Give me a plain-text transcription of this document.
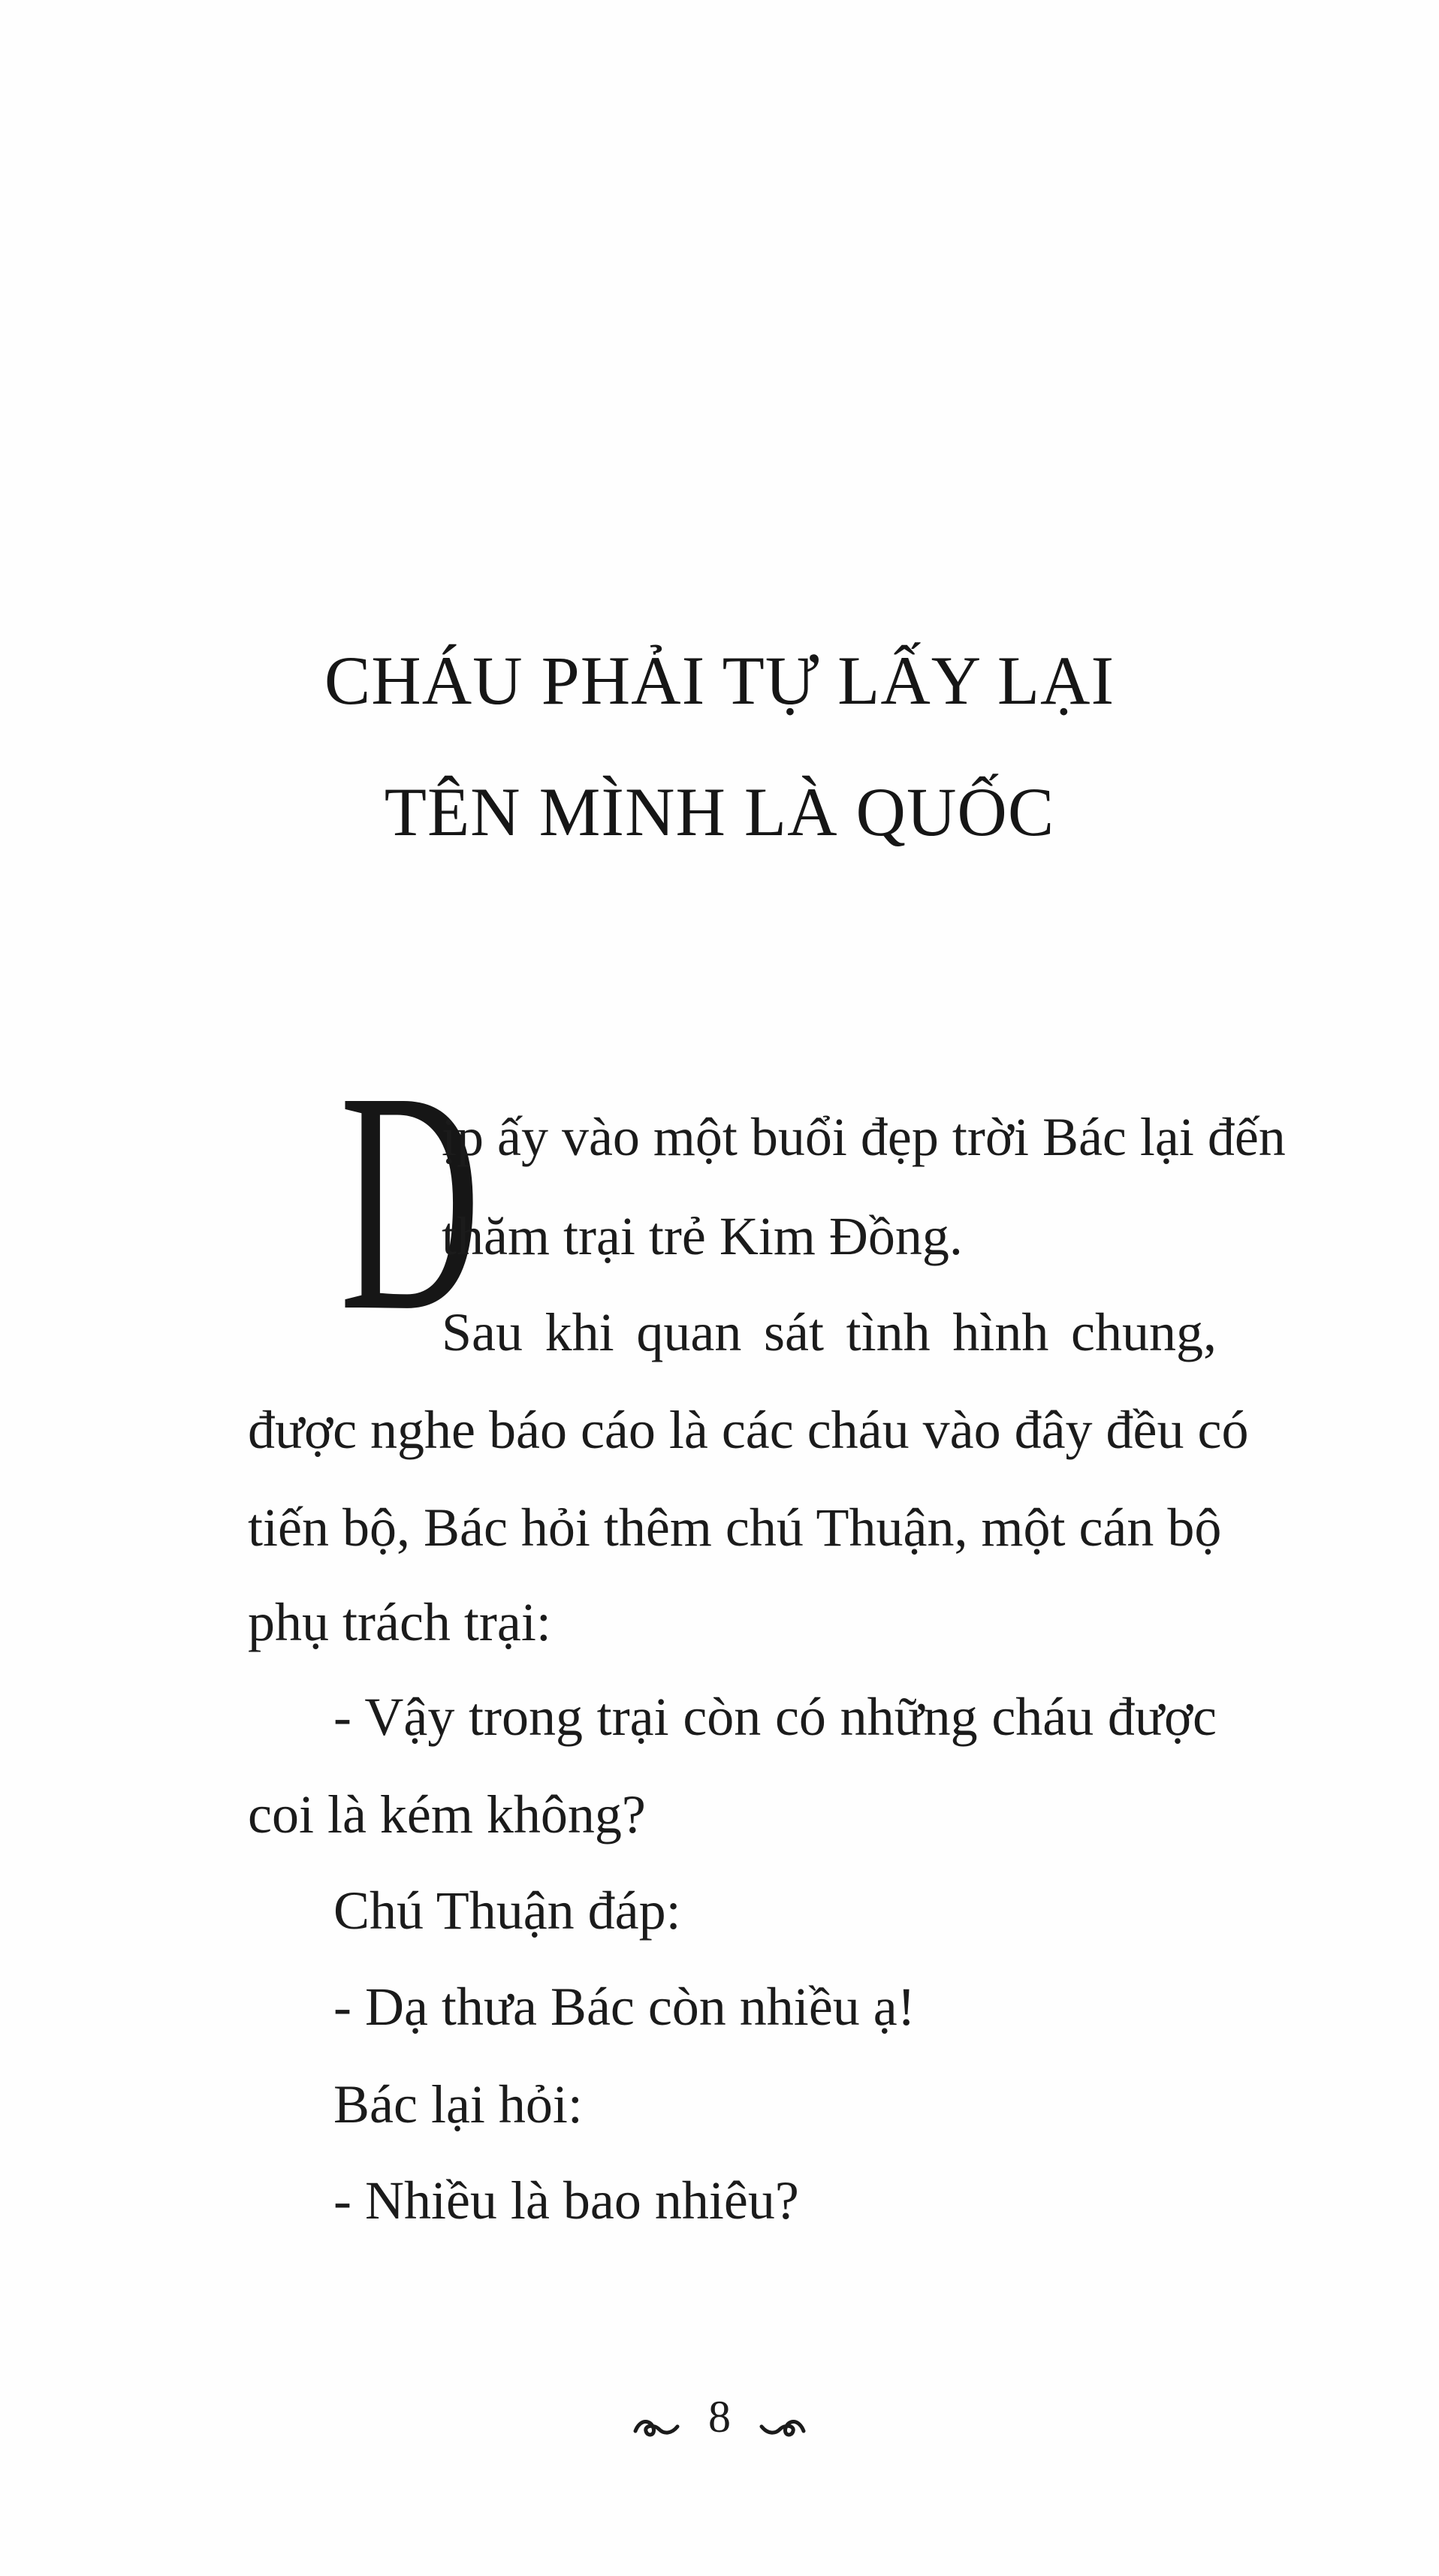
CHÁU PHẢI TỰ LẤY LẠI
TÊN MÌNH LÀ QUỐC
D
ịp ấy vào một buổi đẹp trời Bác lại đến
thăm trại trẻ Kim Đồng.
Sau khi quan sát tình hình chung,
được nghe báo cáo là các cháu vào đây đều có
tiến bộ, Bác hỏi thêm chú Thuận, một cán bộ
phụ trách trại:
- Vậy trong trại còn có những cháu được
coi là kém không?
Chú Thuận đáp:
- Dạ thưa Bác còn nhiều ạ!
Bác lại hỏi:
- Nhiều là bao nhiêu?
8
